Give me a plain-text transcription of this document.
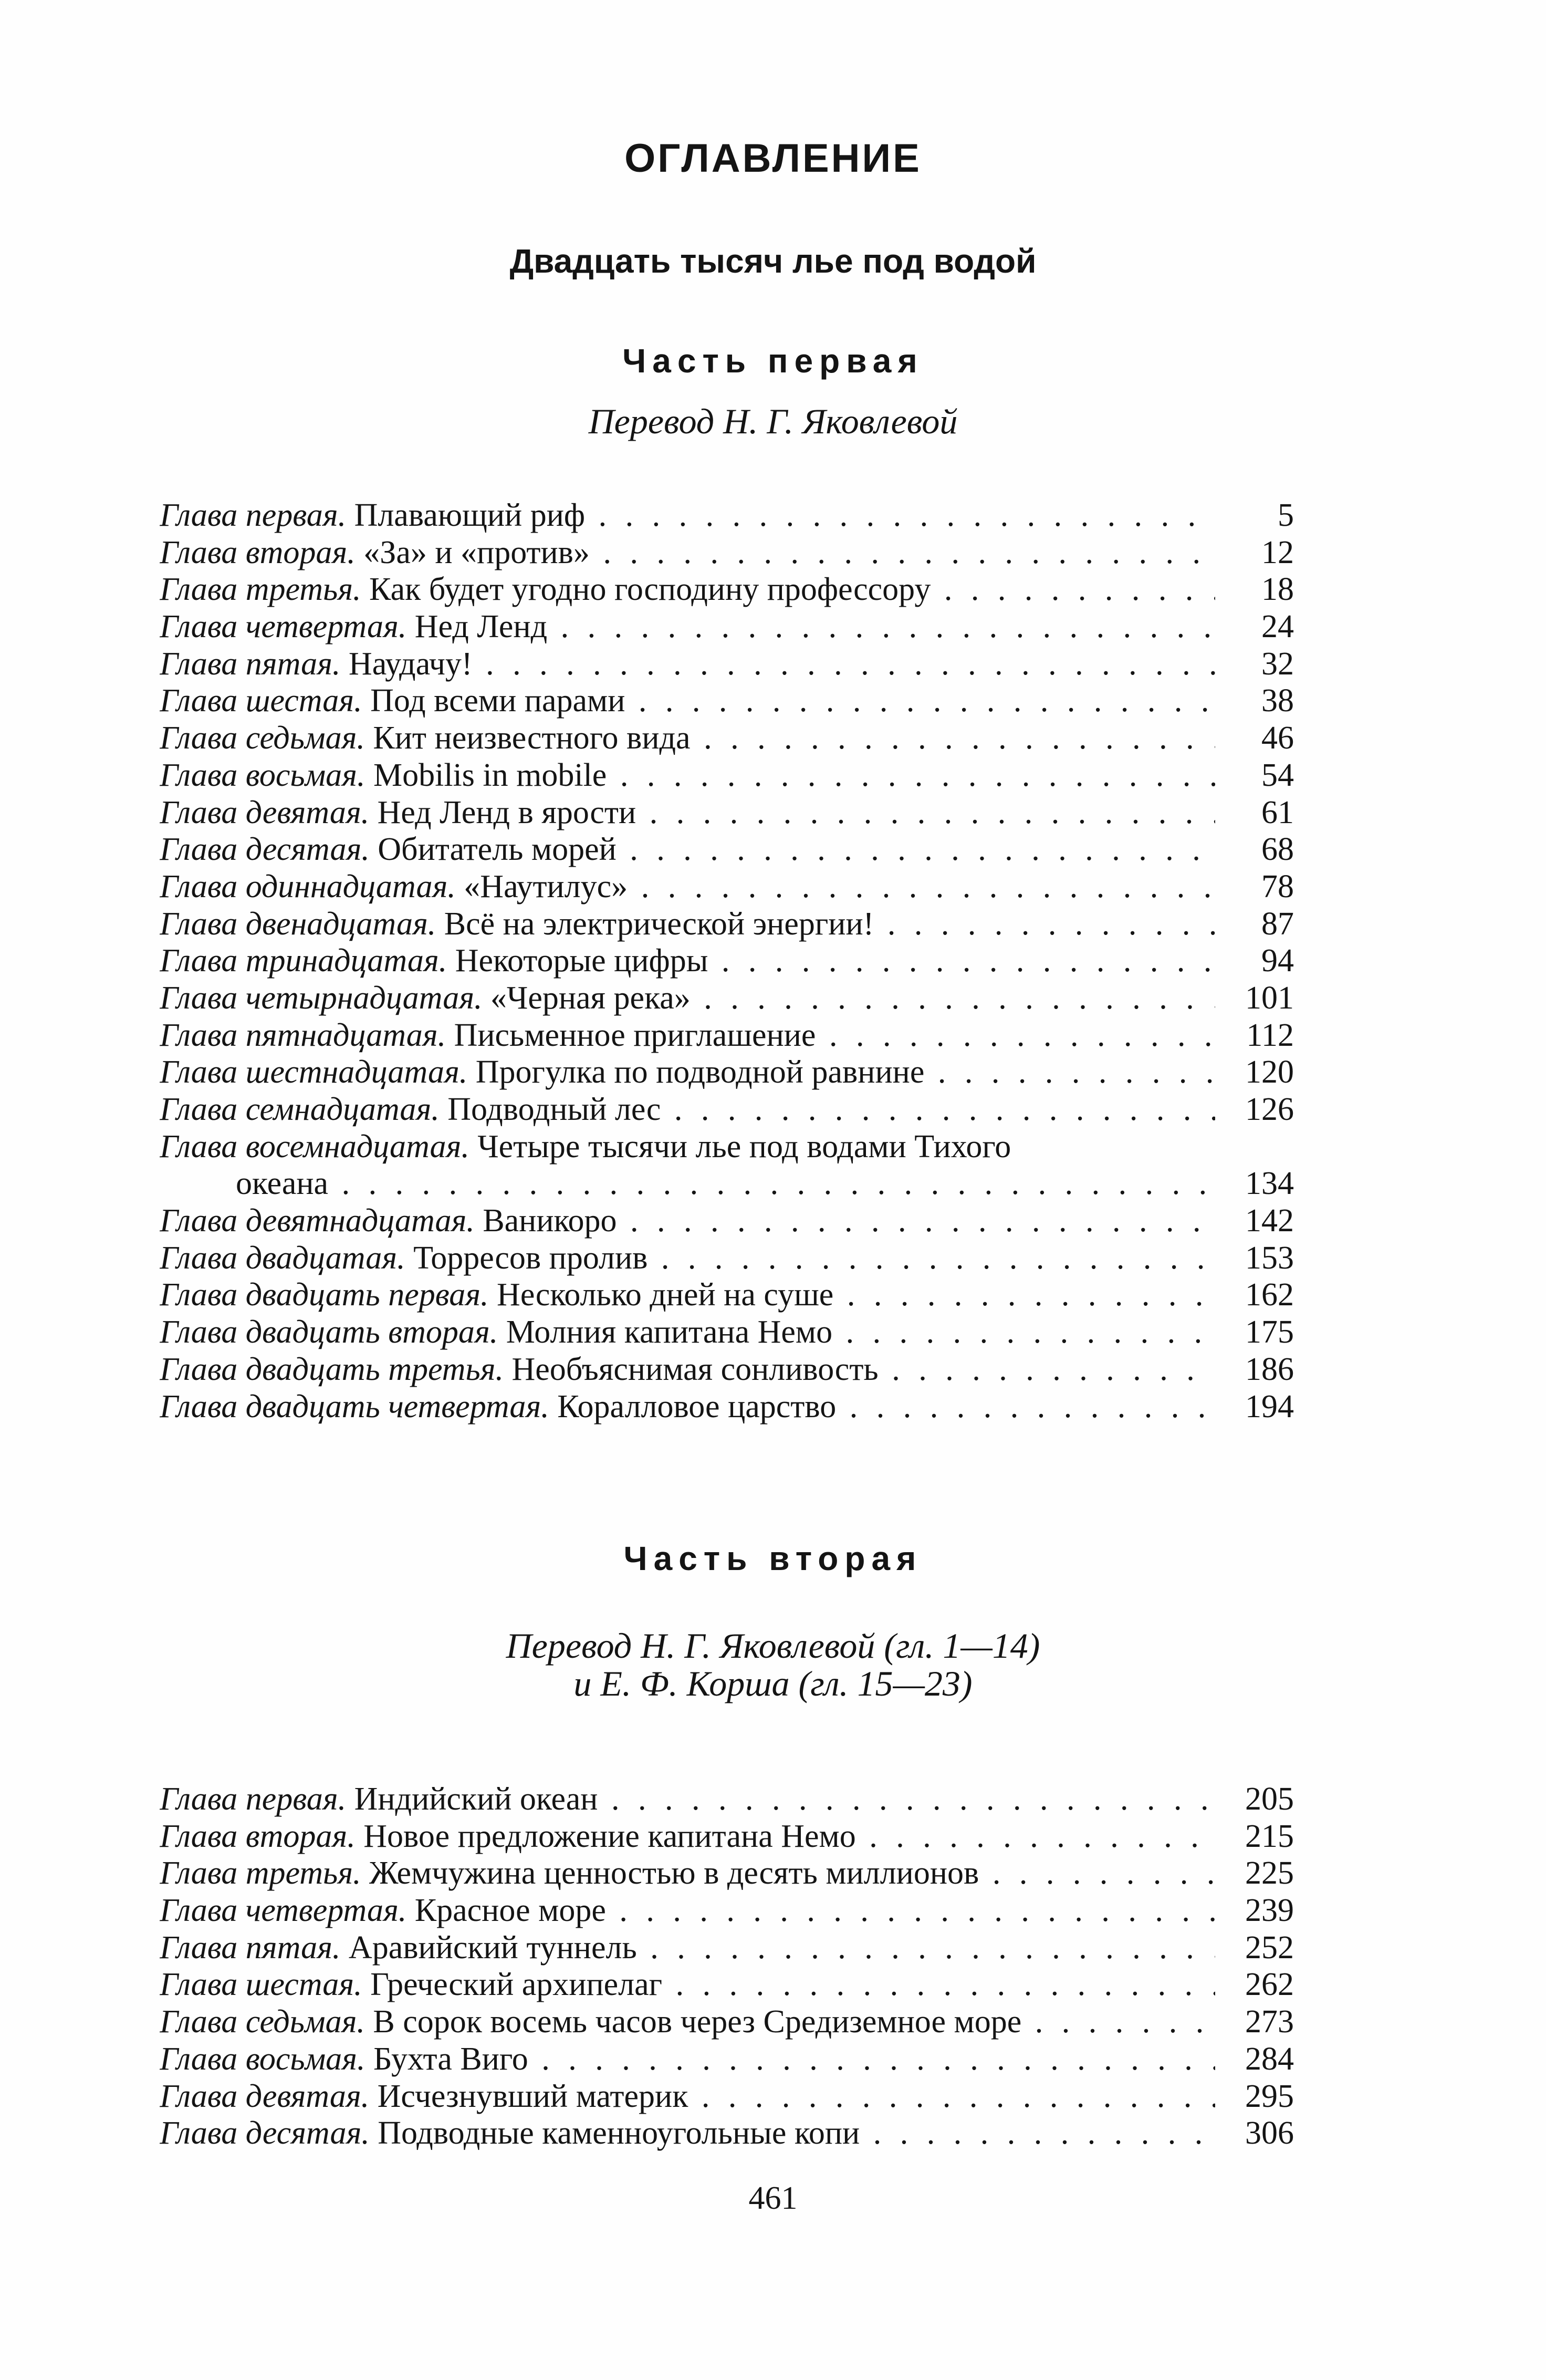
ОГЛАВЛЕНИЕ
Двадцать тысяч лье под водой
Часть первая
Перевод Н. Г. Яковлевой
Глава первая. Плавающий риф . . .	5
Глава вторая. «За» и «против» . . .	12
Глава третья. Как будет угодно господину профессору . . .	18
Глава четвертая. Нед Ленд . . .	24
Глава пятая. Наудачу! . . .	32
Глава шестая. Под всеми парами . . .	38
Глава седьмая. Кит неизвестного вида . . .	46
Глава восьмая. Mobilis in mobile . . .	54
Глава девятая. Нед Ленд в ярости . . .	61
Глава десятая. Обитатель морей . . .	68
Глава одиннадцатая. «Наутилус» . . .	78
Глава двенадцатая. Всё на электрической энергии! . . .	87
Глава тринадцатая. Некоторые цифры . . .	94
Глава четырнадцатая. «Черная река» . . .	101
Глава пятнадцатая. Письменное приглашение . . .	112
Глава шестнадцатая. Прогулка по подводной равнине . . .	120
Глава семнадцатая. Подводный лес . . .	126
Глава восемнадцатая. Четыре тысячи лье под водами Тихого
океана . . .	134
Глава девятнадцатая. Ваникоро . . .	142
Глава двадцатая. Торресов пролив . . .	153
Глава двадцать первая. Несколько дней на суше . . .	162
Глава двадцать вторая. Молния капитана Немо . . .	175
Глава двадцать третья. Необъяснимая сонливость . . .	186
Глава двадцать четвертая. Коралловое царство . . .	194
Часть вторая
Перевод Н. Г. Яковлевой (гл. 1—14)
и Е. Ф. Корша (гл. 15—23)
Глава первая. Индийский океан . . .	205
Глава вторая. Новое предложение капитана Немо . . .	215
Глава третья. Жемчужина ценностью в десять миллионов . . .	225
Глава четвертая. Красное море . . .	239
Глава пятая. Аравийский туннель . . .	252
Глава шестая. Греческий архипелаг . . .	262
Глава седьмая. В сорок восемь часов через Средиземное море . . .	273
Глава восьмая. Бухта Виго . . .	284
Глава девятая. Исчезнувший материк . . .	295
Глава десятая. Подводные каменноугольные копи . . .	306
461
